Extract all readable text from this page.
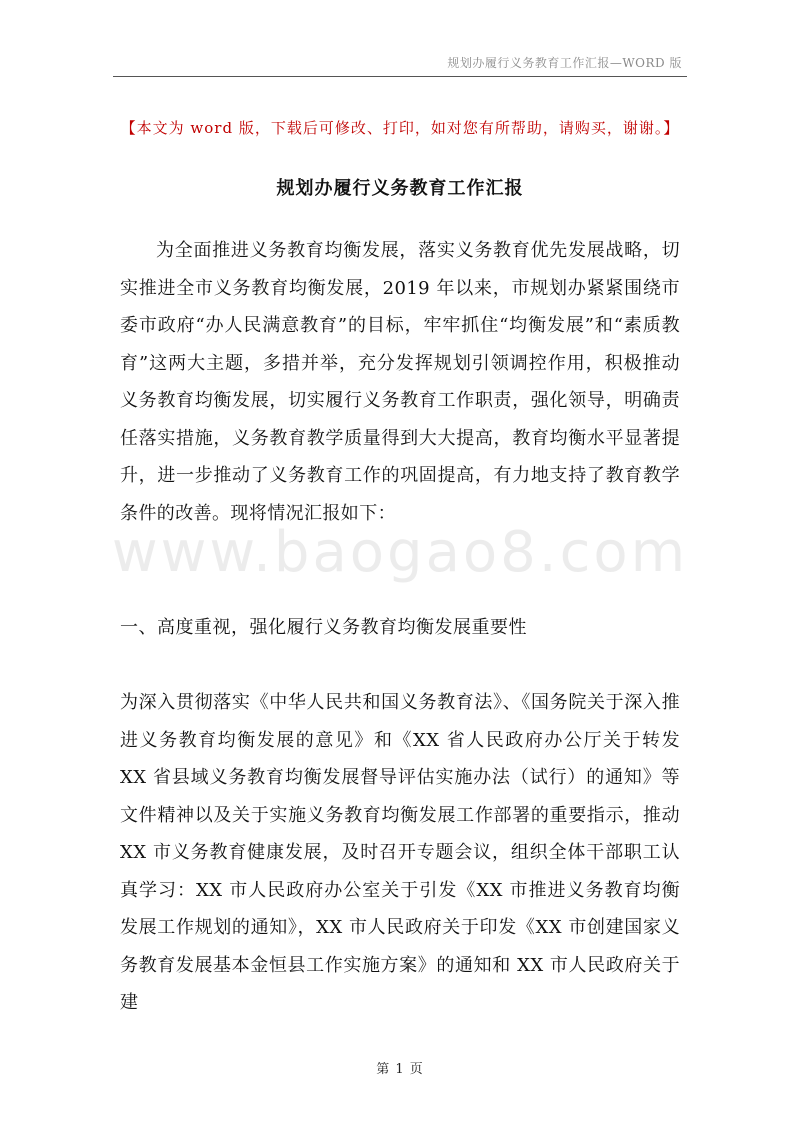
规划办履行义务教育工作汇报—WORD 版
【本文为 word 版，下载后可修改、打印，如对您有所帮助，请购买，谢谢。】
规划办履行义务教育工作汇报

为全面推进义务教育均衡发展，落实义务教育优先发展战略，切实推进全市义务教育均衡发展，2019 年以来，市规划办紧紧围绕市委市政府“办人民满意教育”的目标，牢牢抓住“均衡发展”和“素质教育”这两大主题，多措并举，充分发挥规划引领调控作用，积极推动义务教育均衡发展，切实履行义务教育工作职责，强化领导，明确责任落实措施，义务教育教学质量得到大大提高，教育均衡水平显著提升，进一步推动了义务教育工作的巩固提高，有力地支持了教育教学条件的改善。现将情况汇报如下：

www.baogao8.com
一、高度重视，强化履行义务教育均衡发展重要性

为深入贯彻落实《中华人民共和国义务教育法》、《国务院关于深入推进义务教育均衡发展的意见》和《XX 省人民政府办公厅关于转发 XX 省县域义务教育均衡发展督导评估实施办法（试行）的通知》等文件精神以及关于实施义务教育均衡发展工作部署的重要指示，推动 XX 市义务教育健康发展，及时召开专题会议，组织全体干部职工认真学习：XX 市人民政府办公室关于引发《XX 市推进义务教育均衡发展工作规划的通知》，XX 市人民政府关于印发《XX 市创建国家义务教育发展基本金恒县工作实施方案》的通知和 XX 市人民政府关于建

第 1 页
